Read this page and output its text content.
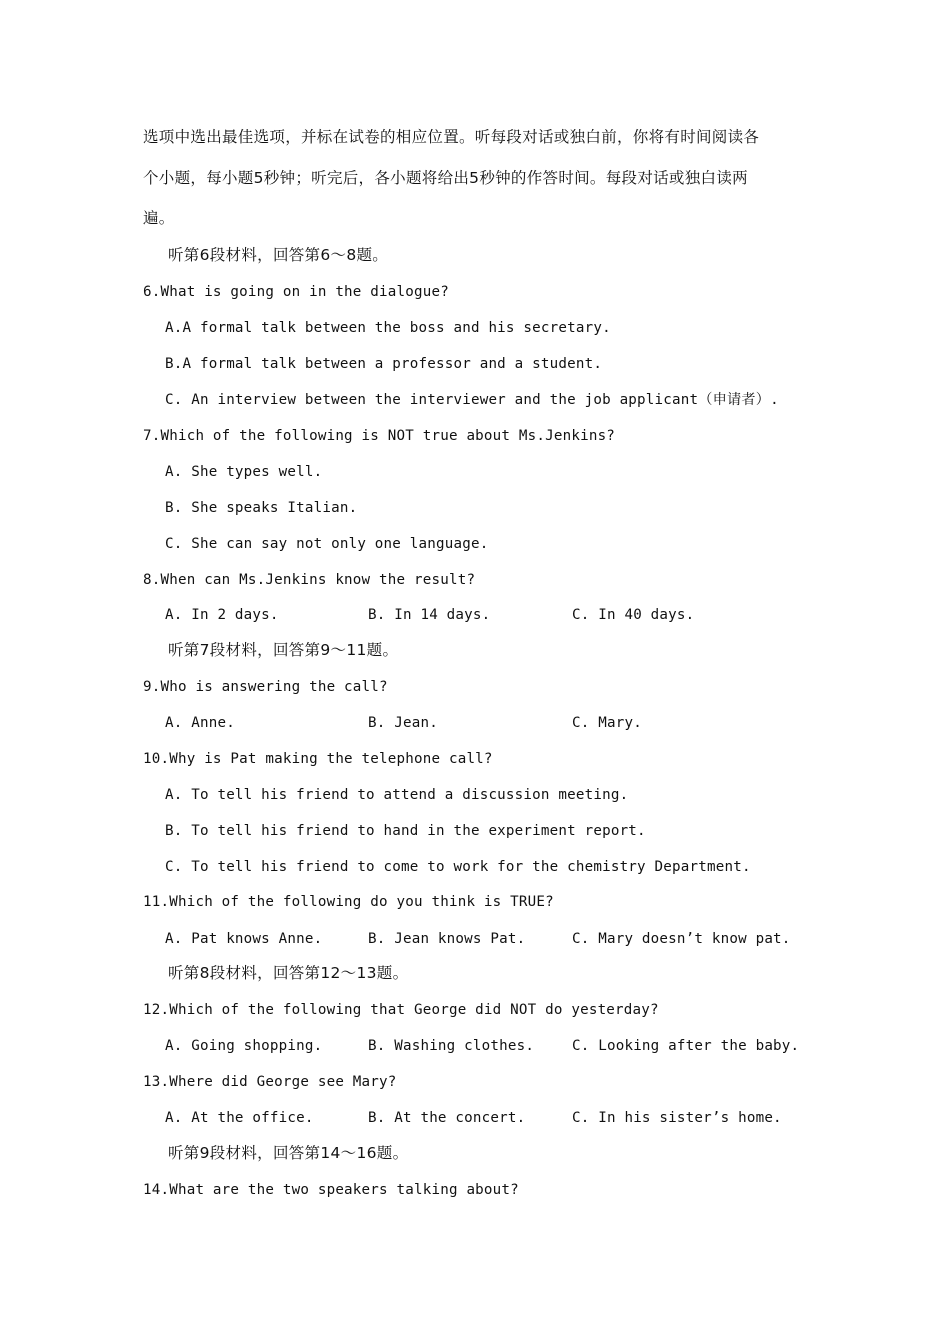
选项中选出最佳选项，并标在试卷的相应位置。听每段对话或独白前，你将有时间阅读各
个小题，每小题5秒钟；听完后，各小题将给出5秒钟的作答时间。每段对话或独白读两
遍。
听第6段材料，回答第6～8题。
6.What is going on in the dialogue?
A.A formal talk between the boss and his secretary.
B.A formal talk between a professor and a student.
C. An interview between the interviewer and the job applicant（申请者）.
7.Which of the following is NOT true about Ms.Jenkins?
A. She types well.
B. She speaks Italian.
C. She can say not only one language.
8.When can Ms.Jenkins know the result?
A. In 2 days.	B. In 14 days.	C. In 40 days.
听第7段材料，回答第9～11题。
9.Who is answering the call?
A. Anne.	B. Jean.	C. Mary.
10.Why is Pat making the telephone call?
A. To tell his friend to attend a discussion meeting.
B. To tell his friend to hand in the experiment report.
C. To tell his friend to come to work for the chemistry Department.
11.Which of the following do you think is TRUE?
A. Pat knows Anne.	B. Jean knows Pat.	C. Mary doesn’t know pat.
听第8段材料，回答第12～13题。
12.Which of the following that George did NOT do yesterday?
A. Going shopping.	B. Washing clothes.	C. Looking after the baby.
13.Where did George see Mary?
A. At the office.	B. At the concert.	C. In his sister’s home.
听第9段材料，回答第14～16题。
14.What are the two speakers talking about?
